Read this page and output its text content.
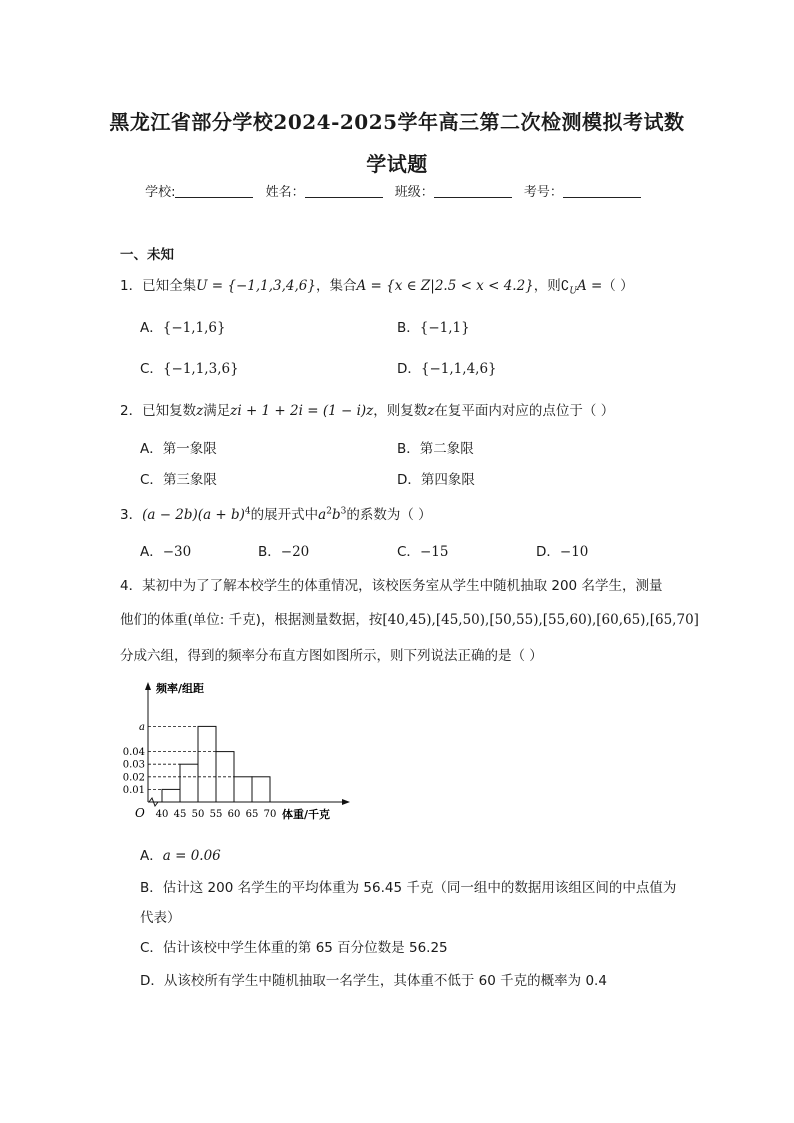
黑龙江省部分学校2024-2025学年高三第二次检测模拟考试数
学试题
学校:	姓名：	班级：	考号：
一、未知
1．已知全集U = {−1,1,3,4,6}，集合A = {x ∈ Z|2.5 < x < 4.2}，则$∁_UA$ =（ ）
A．{−1,1,6}	B．{−1,1}
C．{−1,1,3,6}	D．{−1,1,4,6}
2．已知复数z满足zi + 1 + 2i = (1 − i)z，则复数z在复平面内对应的点位于（ ）
A．第一象限	B．第二象限
C．第三象限	D．第四象限
3．$(a - 2b)(a + b)^4$的展开式中$a^2b^3$的系数为（ ）
A．−30	B．−20	C．−15	D．−10
4．某初中为了了解本校学生的体重情况，该校医务室从学生中随机抽取 200 名学生，测量
他们的体重(单位: 千克)，根据测量数据，按[40,45),[45,50),[50,55),[55,60),[60,65),[65,70]
分成六组，得到的频率分布直方图如图所示，则下列说法正确的是（ ）
频率/组距
体重/千克
O
0.01
0.02
0.03
0.04
a
40 45 50 55 60 65 70
A．a = 0.06
B．估计这 200 名学生的平均体重为 56.45 千克（同一组中的数据用该组区间的中点值为
代表）
C．估计该校中学生体重的第 65 百分位数是 56.25
D．从该校所有学生中随机抽取一名学生，其体重不低于 60 千克的概率为 0.4
